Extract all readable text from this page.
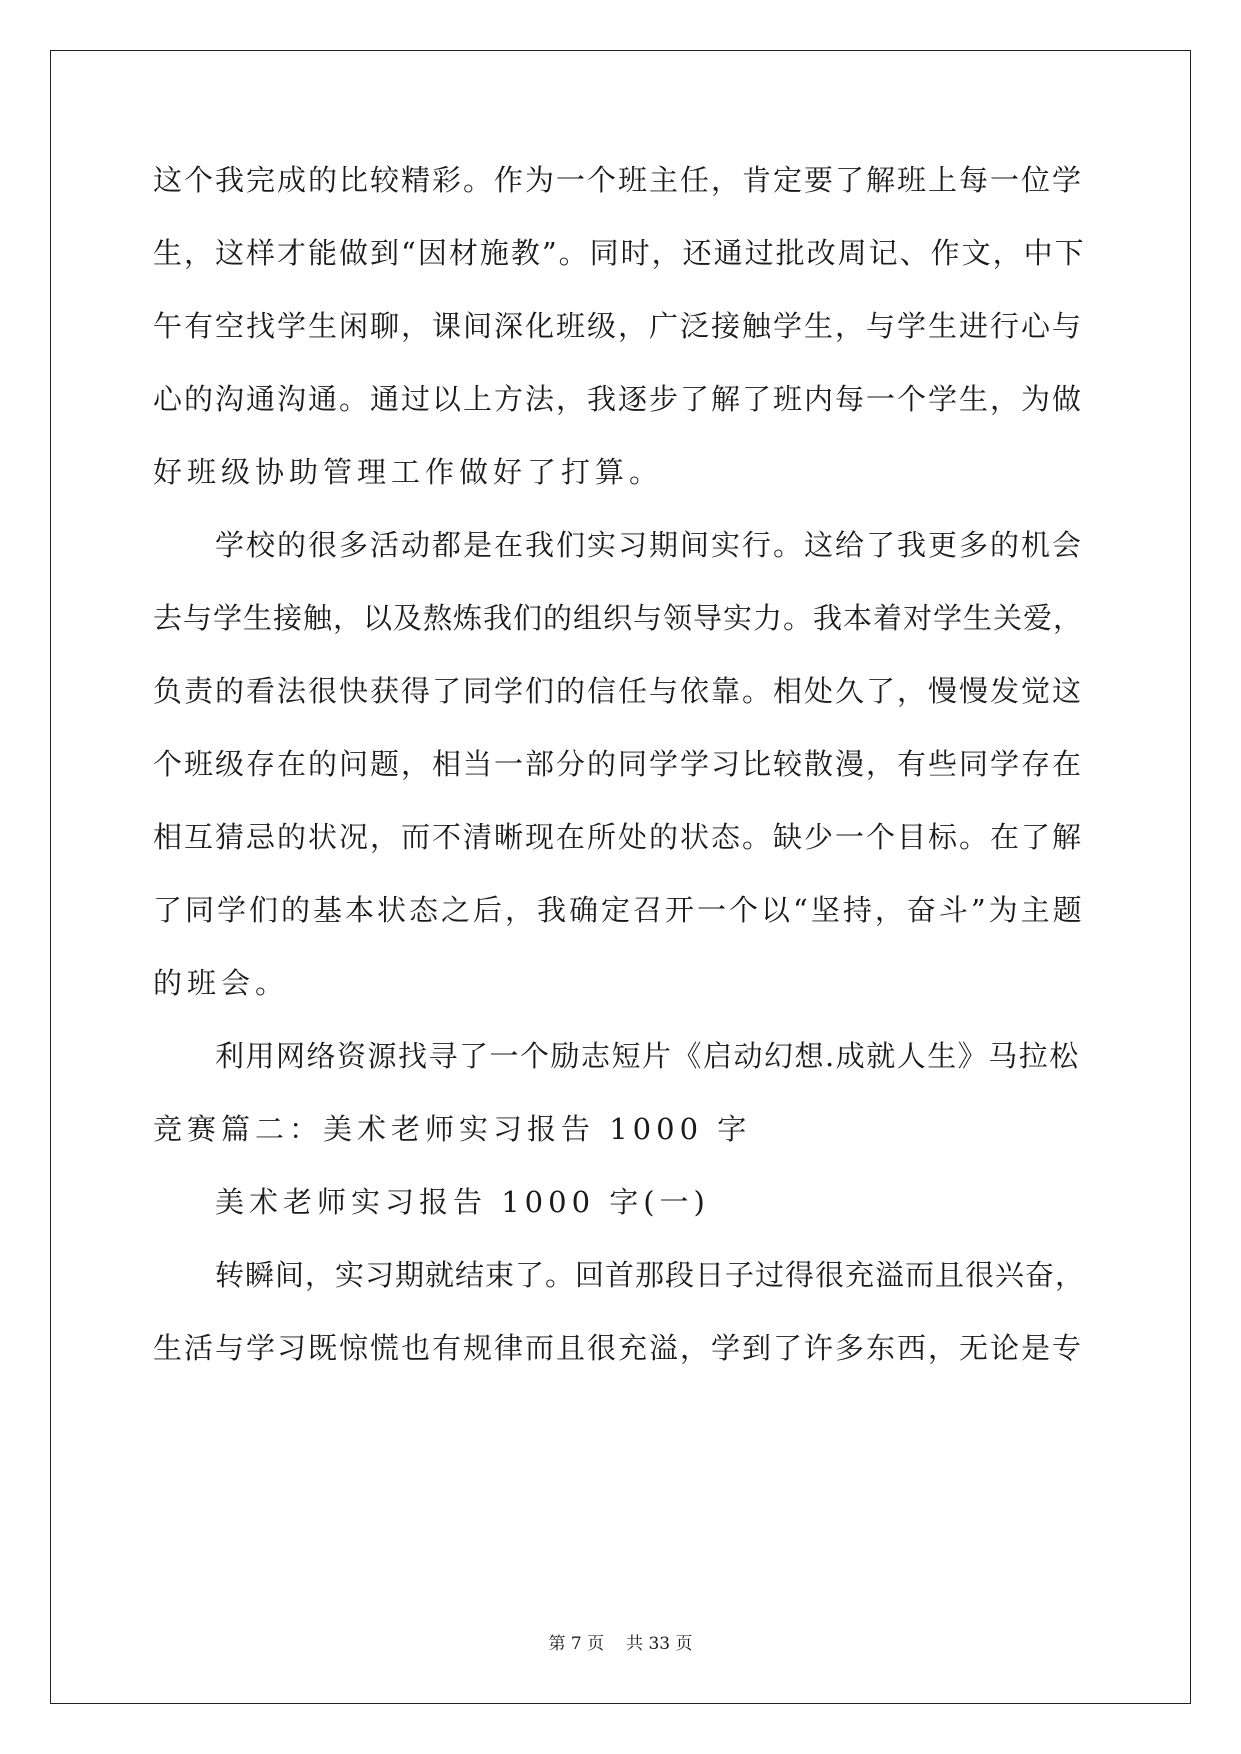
这个我完成的比较精彩。作为一个班主任，肯定要了解班上每一位学
生，这样才能做到“因材施教”。同时，还通过批改周记、作文，中下
午有空找学生闲聊，课间深化班级，广泛接触学生，与学生进行心与
心的沟通沟通。通过以上方法，我逐步了解了班内每一个学生，为做
好班级协助管理工作做好了打算。
学校的很多活动都是在我们实习期间实行。这给了我更多的机会
去与学生接触，以及熬炼我们的组织与领导实力。我本着对学生关爱，
负责的看法很快获得了同学们的信任与依靠。相处久了，慢慢发觉这
个班级存在的问题，相当一部分的同学学习比较散漫，有些同学存在
相互猜忌的状况，而不清晰现在所处的状态。缺少一个目标。在了解
了同学们的基本状态之后，我确定召开一个以“坚持，奋斗”为主题
的班会。
利用网络资源找寻了一个励志短片《启动幻想.成就人生》马拉松
竞赛篇二：美术老师实习报告 1000 字
美术老师实习报告 1000 字(一)
转瞬间，实习期就结束了。回首那段日子过得很充溢而且很兴奋，
生活与学习既惊慌也有规律而且很充溢，学到了许多东西，无论是专
第 7 页 共 33 页
